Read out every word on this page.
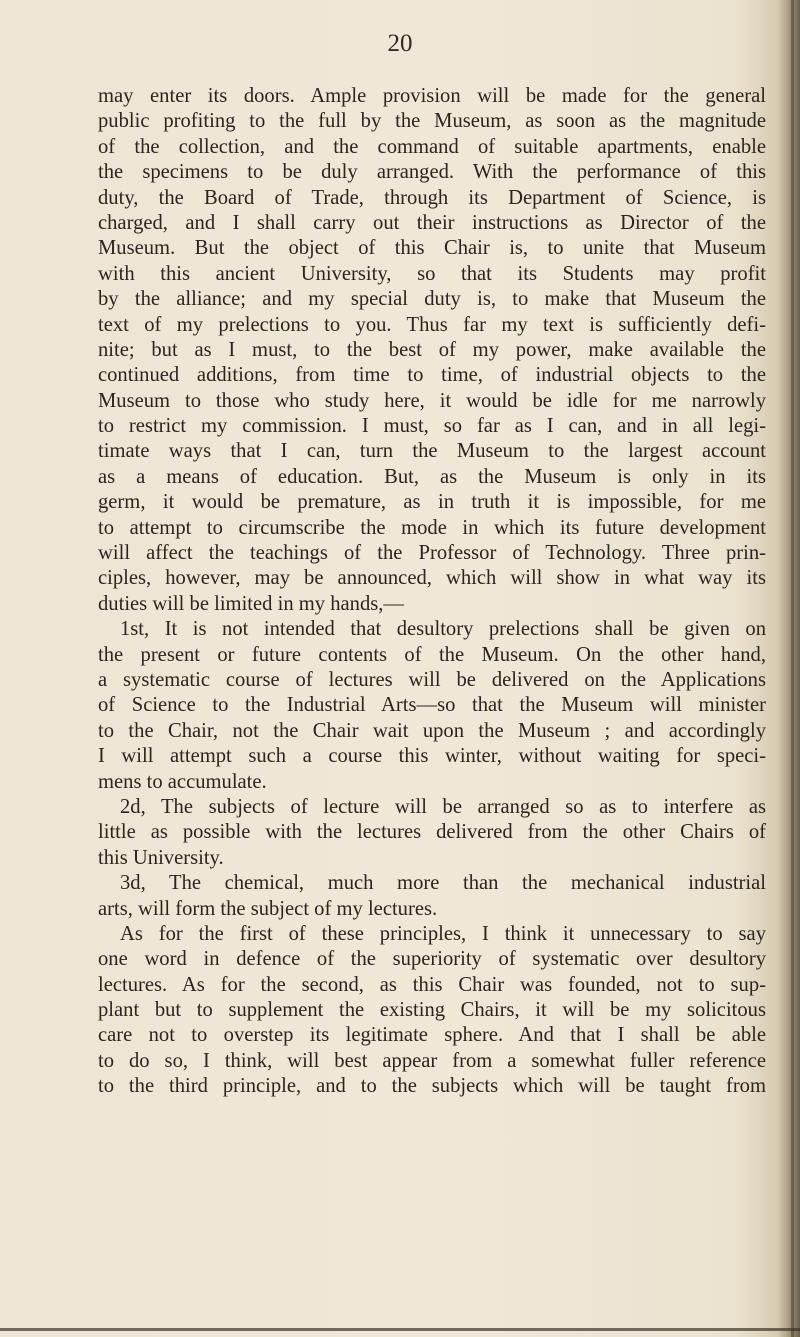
20
may enter its doors. Ample provision will be made for the general
public profiting to the full by the Museum, as soon as the magnitude
of the collection, and the command of suitable apartments, enable
the specimens to be duly arranged. With the performance of this
duty, the Board of Trade, through its Department of Science, is
charged, and I shall carry out their instructions as Director of the
Museum. But the object of this Chair is, to unite that Museum
with this ancient University, so that its Students may profit
by the alliance; and my special duty is, to make that Museum the
text of my prelections to you. Thus far my text is sufficiently defi-
nite; but as I must, to the best of my power, make available the
continued additions, from time to time, of industrial objects to the
Museum to those who study here, it would be idle for me narrowly
to restrict my commission. I must, so far as I can, and in all legi-
timate ways that I can, turn the Museum to the largest account
as a means of education. But, as the Museum is only in its
germ, it would be premature, as in truth it is impossible, for me
to attempt to circumscribe the mode in which its future development
will affect the teachings of the Professor of Technology. Three prin-
ciples, however, may be announced, which will show in what way its
duties will be limited in my hands,—
1st, It is not intended that desultory prelections shall be given on
the present or future contents of the Museum. On the other hand,
a systematic course of lectures will be delivered on the Applications
of Science to the Industrial Arts—so that the Museum will minister
to the Chair, not the Chair wait upon the Museum ; and accordingly
I will attempt such a course this winter, without waiting for speci-
mens to accumulate.
2d, The subjects of lecture will be arranged so as to interfere as
little as possible with the lectures delivered from the other Chairs of
this University.
3d, The chemical, much more than the mechanical industrial
arts, will form the subject of my lectures.
As for the first of these principles, I think it unnecessary to say
one word in defence of the superiority of systematic over desultory
lectures. As for the second, as this Chair was founded, not to sup-
plant but to supplement the existing Chairs, it will be my solicitous
care not to overstep its legitimate sphere. And that I shall be able
to do so, I think, will best appear from a somewhat fuller reference
to the third principle, and to the subjects which will be taught from
